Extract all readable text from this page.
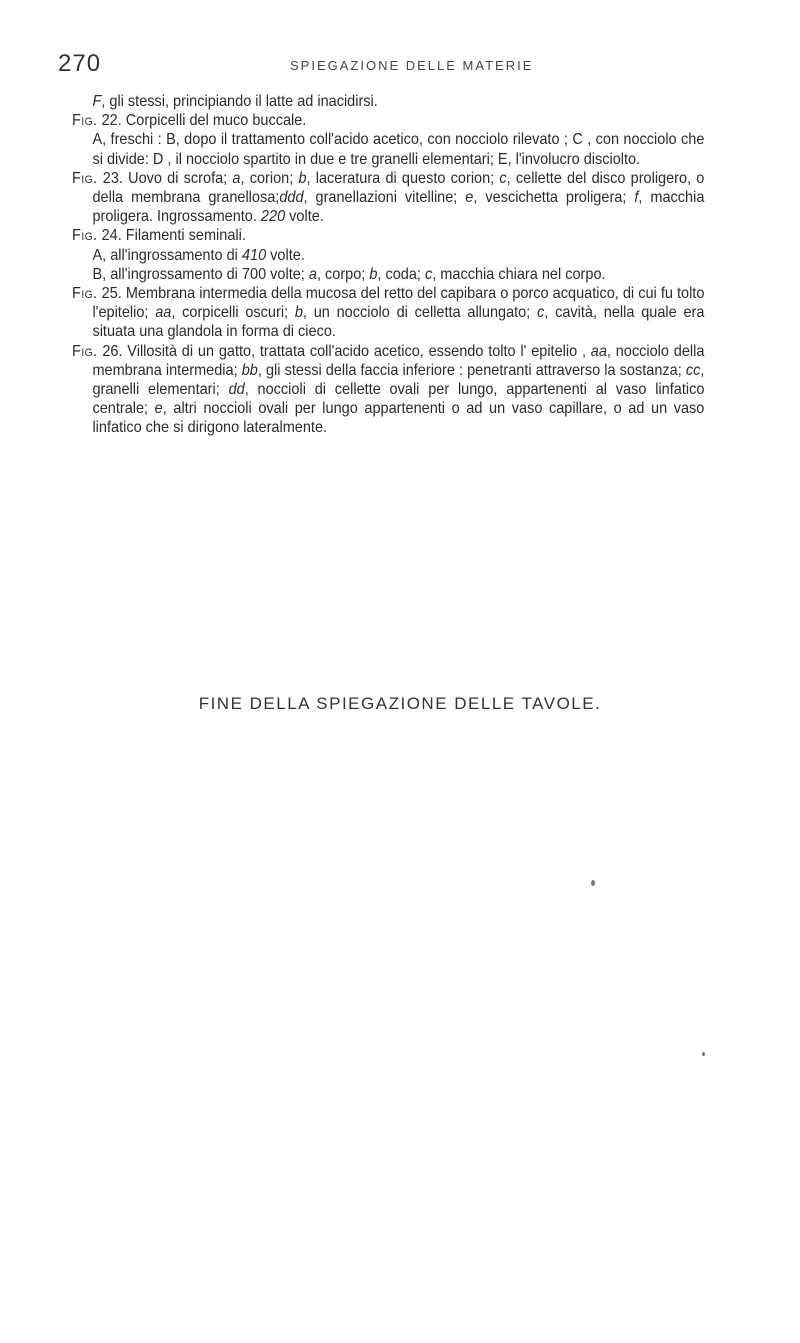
270	SPIEGAZIONE DELLE MATERIE

F, gli stessi, principiando il latte ad inacidirsi.

Fig. 22. Corpicelli del muco buccale.

A, freschi : B, dopo il trattamento coll'acido acetico, con nocciolo rilevato ; C , con nocciolo che si divide: D , il nocciolo spartito in due e tre granelli elementari; E, l'involucro disciolto.

Fig. 23. Uovo di scrofa; a, corion; b, laceratura di questo corion; c, cellette del disco proligero, o della membrana granellosa;ddd, granellazioni vitelline; e, vescichetta proligera; f, macchia proligera. Ingrossamento. 220 volte.

Fig. 24. Filamenti seminali.

A, all'ingrossamento di 410 volte.

B, all'ingrossamento di 700 volte; a, corpo; b, coda; c, macchia chiara nel corpo.

Fig. 25. Membrana intermedia della mucosa del retto del capibara o porco acquatico, di cui fu tolto l'epitelio; aa, corpicelli oscuri; b, un nocciolo di celletta allungato; c, cavità, nella quale era situata una glandola in forma di cieco.

Fig. 26. Villosità di un gatto, trattata coll'acido acetico, essendo tolto l' epitelio , aa, nocciolo della membrana intermedia; bb, gli stessi della faccia inferiore : penetranti attraverso la sostanza; cc, granelli elementari; dd, noccioli di cellette ovali per lungo, appartenenti al vaso linfatico centrale; e, altri noccioli ovali per lungo appartenenti o ad un vaso capillare, o ad un vaso linfatico che si dirigono lateralmente.

FINE DELLA SPIEGAZIONE DELLE TAVOLE.
